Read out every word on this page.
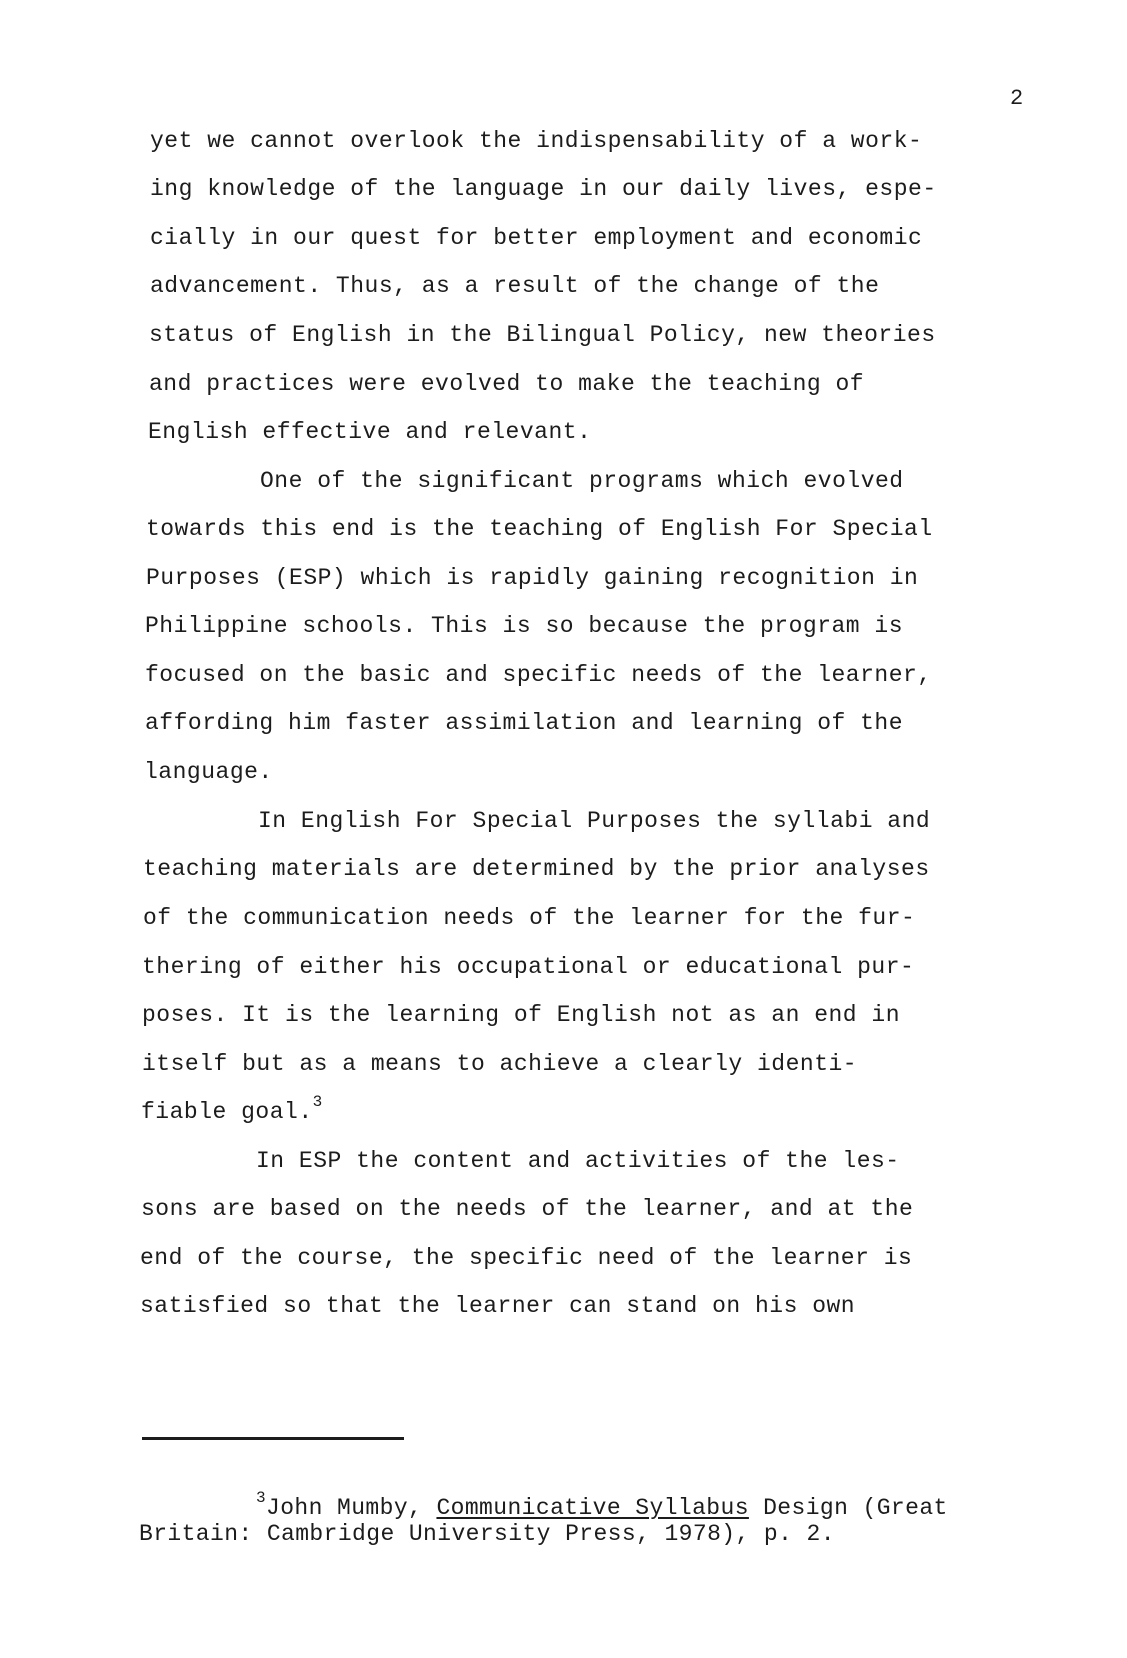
2
yet we cannot overlook the indispensability of a work-
ing knowledge of the language in our daily lives, espe-
cially in our quest for better employment and economic
advancement. Thus, as a result of the change of the
status of English in the Bilingual Policy, new theories
and practices were evolved to make the teaching of
English effective and relevant.
One of the significant programs which evolved
towards this end is the teaching of English For Special
Purposes (ESP) which is rapidly gaining recognition in
Philippine schools. This is so because the program is
focused on the basic and specific needs of the learner,
affording him faster assimilation and learning of the
language.
In English For Special Purposes the syllabi and
teaching materials are determined by the prior analyses
of the communication needs of the learner for the fur-
thering of either his occupational or educational pur-
poses. It is the learning of English not as an end in
itself but as a means to achieve a clearly identi-
fiable goal.$^3$
In ESP the content and activities of the les-
sons are based on the needs of the learner, and at the
end of the course, the specific need of the learner is
satisfied so that the learner can stand on his own
$^3$John Mumby, Communicative Syllabus Design (Great
Britain: Cambridge University Press, 1978), p. 2.
